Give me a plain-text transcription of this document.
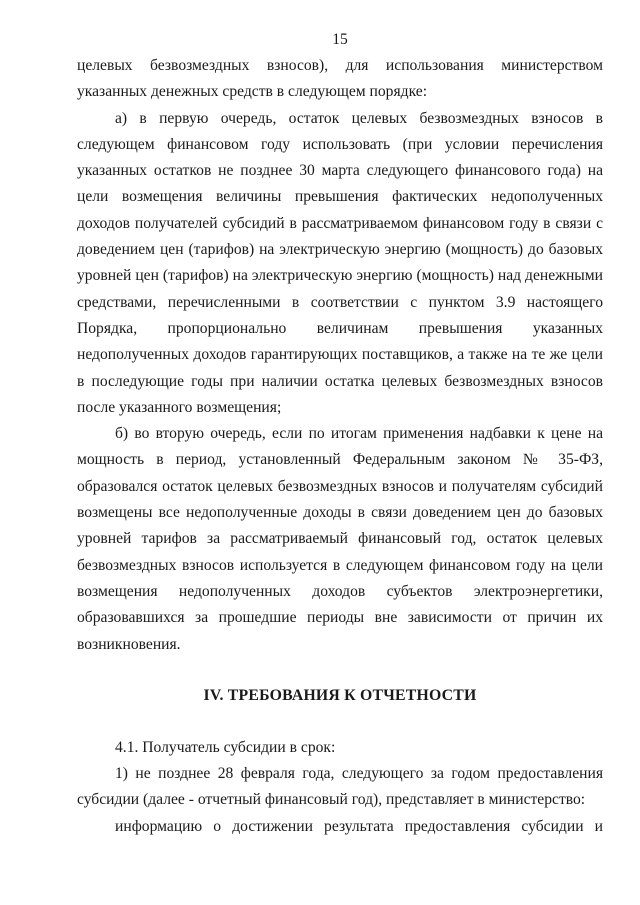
15

целевых безвозмездных взносов), для использования министерством указанных денежных средств в следующем порядке:

а) в первую очередь, остаток целевых безвозмездных взносов в следующем финансовом году использовать (при условии перечисления указанных остатков не позднее 30 марта следующего финансового года) на цели возмещения величины превышения фактических недополученных доходов получателей субсидий в рассматриваемом финансовом году в связи с доведением цен (тарифов) на электрическую энергию (мощность) до базовых уровней цен (тарифов) на электрическую энергию (мощность) над денежными средствами, перечисленными в соответствии с пунктом 3.9 настоящего Порядка, пропорционально величинам превышения указанных недополученных доходов гарантирующих поставщиков, а также на те же цели в последующие годы при наличии остатка целевых безвозмездных взносов после указанного возмещения;

б) во вторую очередь, если по итогам применения надбавки к цене на мощность в период, установленный Федеральным законом № 35-ФЗ, образовался остаток целевых безвозмездных взносов и получателям субсидий возмещены все недополученные доходы в связи доведением цен до базовых уровней тарифов за рассматриваемый финансовый год, остаток целевых безвозмездных взносов используется в следующем финансовом году на цели возмещения недополученных доходов субъектов электроэнергетики, образовавшихся за прошедшие периоды вне зависимости от причин их возникновения.

IV. ТРЕБОВАНИЯ К ОТЧЕТНОСТИ

4.1. Получатель субсидии в срок:

1) не позднее 28 февраля года, следующего за годом предоставления субсидии (далее - отчетный финансовый год), представляет в министерство:

информацию о достижении результата предоставления субсидии и
